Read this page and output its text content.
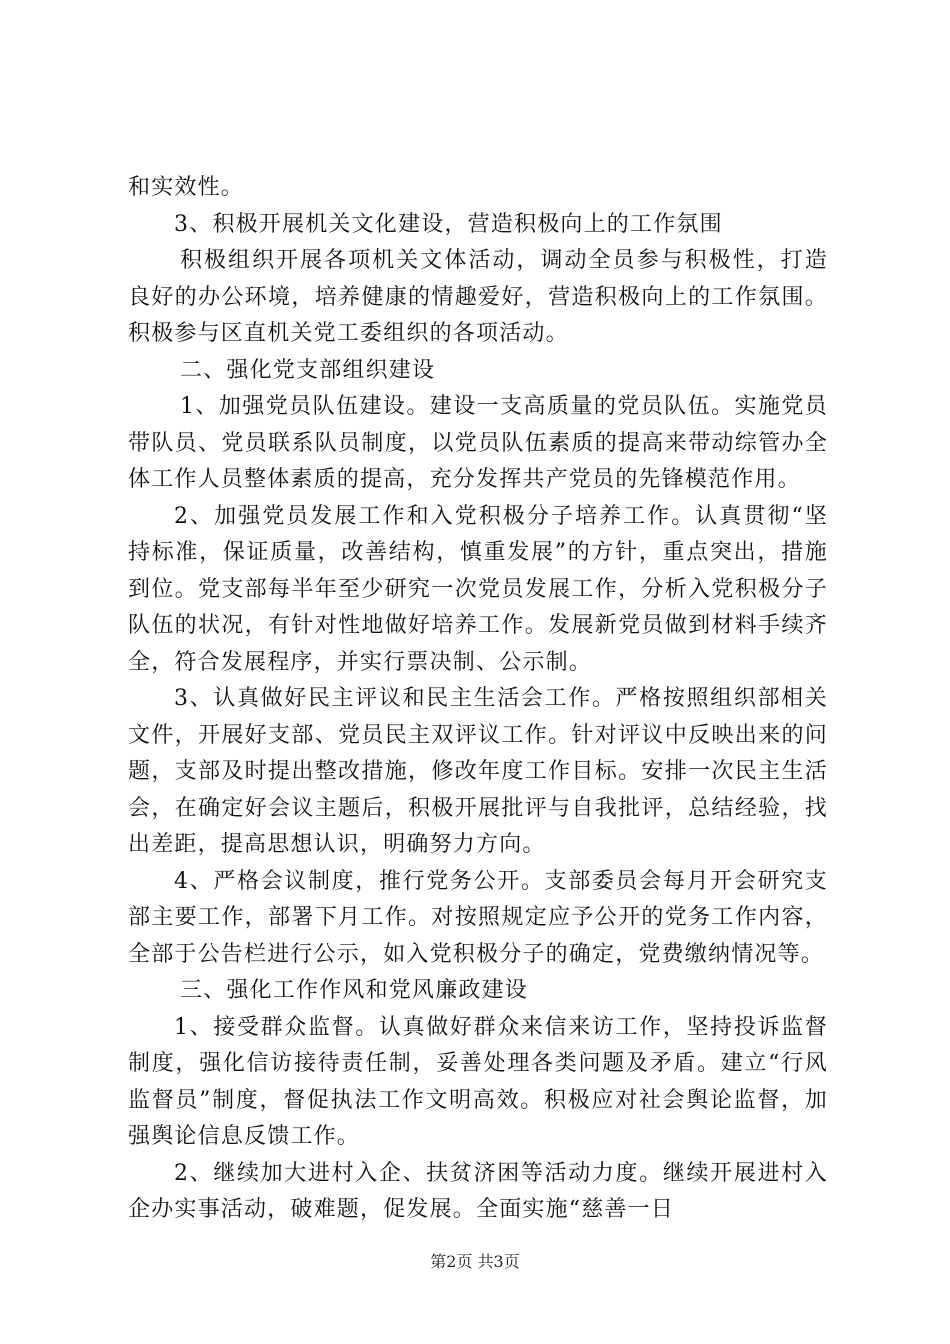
和实效性。

3、积极开展机关文化建设，营造积极向上的工作氛围

积极组织开展各项机关文体活动，调动全员参与积极性，打造良好的办公环境，培养健康的情趣爱好，营造积极向上的工作氛围。积极参与区直机关党工委组织的各项活动。

二、强化党支部组织建设

1、加强党员队伍建设。建设一支高质量的党员队伍。实施党员带队员、党员联系队员制度，以党员队伍素质的提高来带动综管办全体工作人员整体素质的提高，充分发挥共产党员的先锋模范作用。

2、加强党员发展工作和入党积极分子培养工作。认真贯彻“坚持标准，保证质量，改善结构，慎重发展”的方针，重点突出，措施到位。党支部每半年至少研究一次党员发展工作，分析入党积极分子队伍的状况，有针对性地做好培养工作。发展新党员做到材料手续齐全，符合发展程序，并实行票决制、公示制。

3、认真做好民主评议和民主生活会工作。严格按照组织部相关文件，开展好支部、党员民主双评议工作。针对评议中反映出来的问题，支部及时提出整改措施，修改年度工作目标。安排一次民主生活会，在确定好会议主题后，积极开展批评与自我批评，总结经验，找出差距，提高思想认识，明确努力方向。

4、严格会议制度，推行党务公开。支部委员会每月开会研究支部主要工作，部署下月工作。对按照规定应予公开的党务工作内容，全部于公告栏进行公示，如入党积极分子的确定，党费缴纳情况等。

三、强化工作作风和党风廉政建设

1、接受群众监督。认真做好群众来信来访工作，坚持投诉监督制度，强化信访接待责任制，妥善处理各类问题及矛盾。建立“行风监督员”制度，督促执法工作文明高效。积极应对社会舆论监督，加强舆论信息反馈工作。

2、继续加大进村入企、扶贫济困等活动力度。继续开展进村入企办实事活动，破难题，促发展。全面实施“慈善一日

第2页 共3页
